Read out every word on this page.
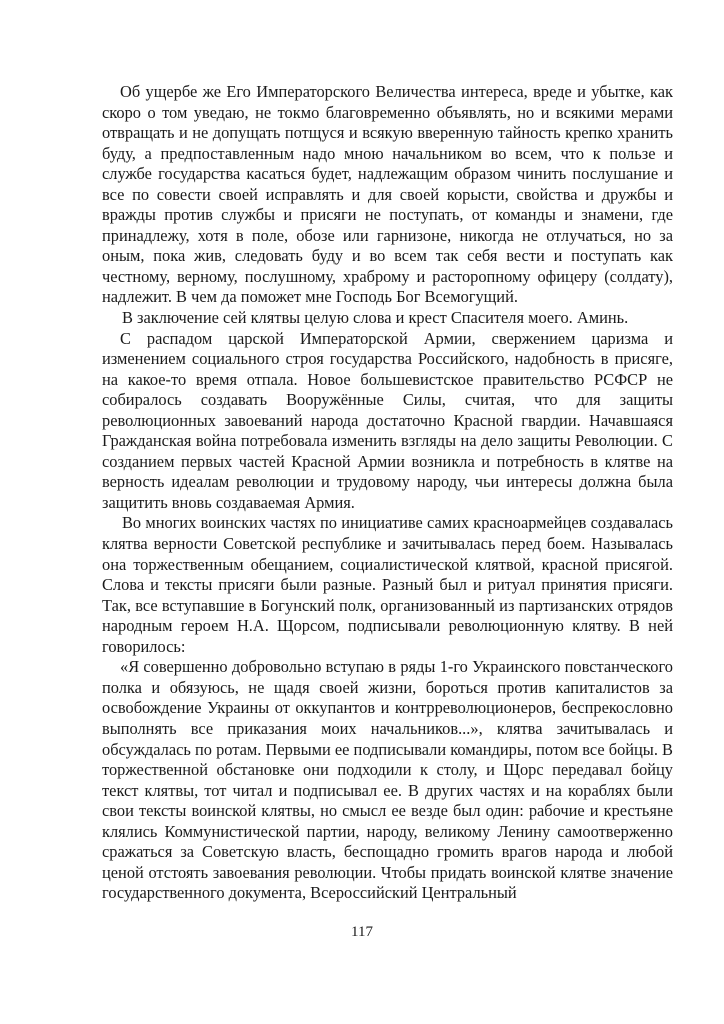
Об ущербе же Его Императорского Величества интереса, вреде и убытке, как скоро о том уведаю, не токмо благовременно объявлять, но и всякими мерами отвращать и не допущать потщуся и всякую вверенную тайность крепко хранить буду, а предпоставленным надо мною начальником во всем, что к пользе и службе государства касаться будет, надлежащим образом чинить послушание и все по совести своей исправлять и для своей корысти, свойства и дружбы и вражды против службы и присяги не поступать, от команды и знамени, где принадлежу, хотя в поле, обозе или гарнизоне, никогда не отлучаться, но за оным, пока жив, следовать буду и во всем так себя вести и поступать как честному, верному, послушному, храброму и расторопному офицеру (солдату), надлежит. В чем да поможет мне Господь Бог Всемогущий.

В заключение сей клятвы целую слова и крест Спасителя моего. Аминь.

С распадом царской Императорской Армии, свержением царизма и изменением социального строя государства Российского, надобность в присяге, на какое-то время отпала. Новое большевистское правительство РСФСР не собиралось создавать Вооружённые Силы, считая, что для защиты революционных завоеваний народа достаточно Красной гвардии. Начавшаяся Гражданская война потребовала изменить взгляды на дело защиты Революции. С созданием первых частей Красной Армии возникла и потребность в клятве на верность идеалам революции и трудовому народу, чьи интересы должна была защитить вновь создаваемая Армия.

Во многих воинских частях по инициативе самих красноармейцев создавалась клятва верности Советской республике и зачитывалась перед боем. Называлась она торжественным обещанием, социалистической клятвой, красной присягой. Слова и тексты присяги были разные. Разный был и ритуал принятия присяги. Так, все вступавшие в Богунский полк, организованный из партизанских отрядов народным героем Н.А. Щорсом, подписывали революционную клятву. В ней говорилось:

«Я совершенно добровольно вступаю в ряды 1-го Украинского повстанческого полка и обязуюсь, не щадя своей жизни, бороться против капиталистов за освобождение Украины от оккупантов и контрреволюционеров, беспрекословно выполнять все приказания моих начальников...», клятва зачитывалась и обсуждалась по ротам. Первыми ее подписывали командиры, потом все бойцы. В торжественной обстановке они подходили к столу, и Щорс передавал бойцу текст клятвы, тот читал и подписывал ее. В других частях и на кораблях были свои тексты воинской клятвы, но смысл ее везде был один: рабочие и крестьяне клялись Коммунистической партии, народу, великому Ленину самоотверженно сражаться за Советскую власть, беспощадно громить врагов народа и любой ценой отстоять завоевания революции. Чтобы придать воинской клятве значение государственного документа, Всероссийский Центральный

117
